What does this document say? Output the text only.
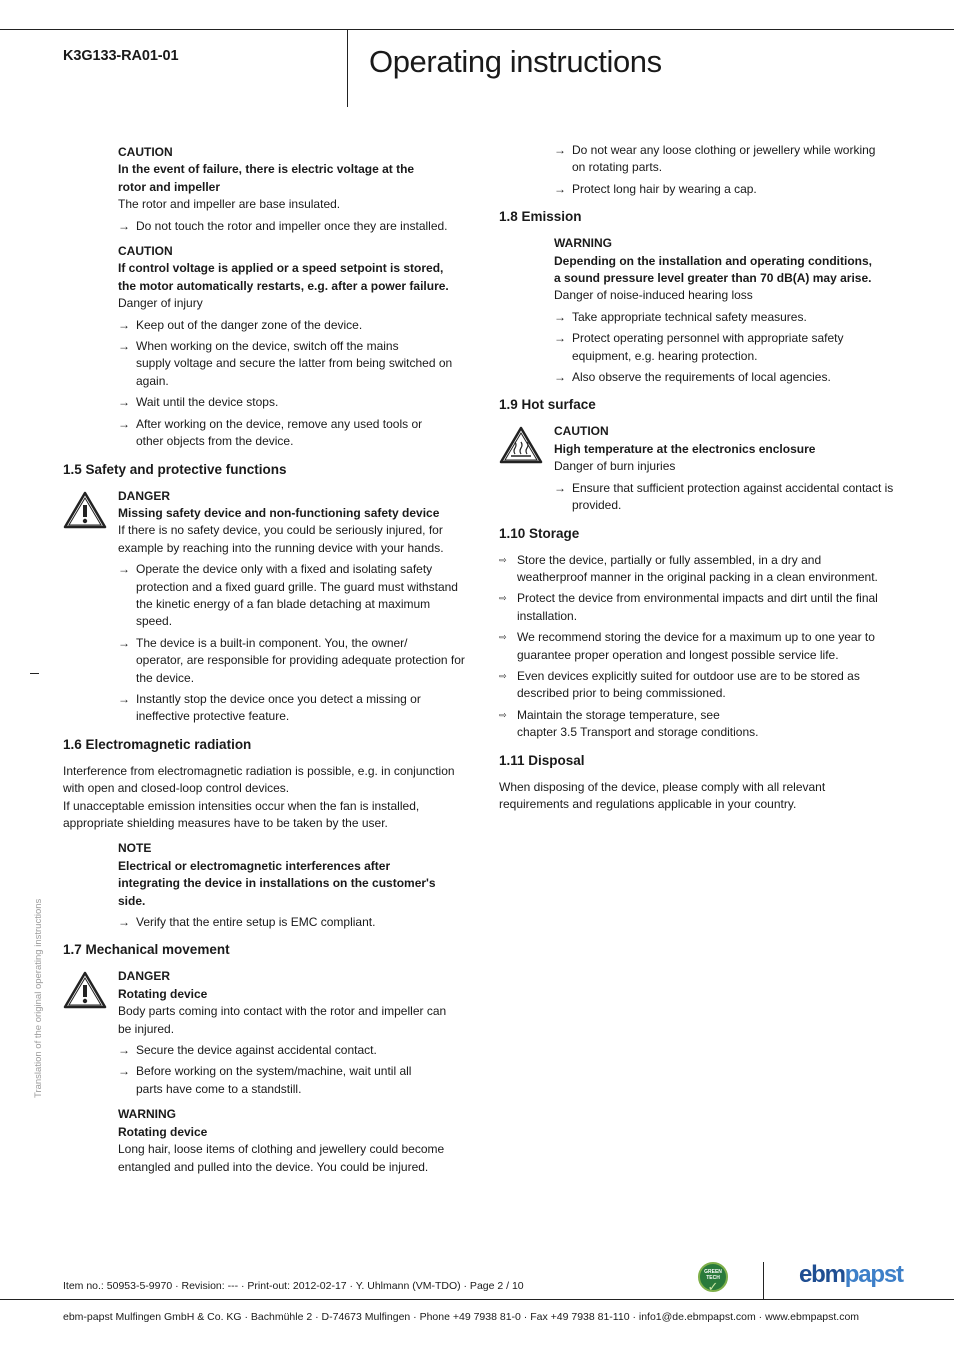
K3G133-RA01-01	Operating instructions
Translation of the original operating instructions
CAUTION
In the event of failure, there is electric voltage at the
rotor and impeller
The rotor and impeller are base insulated.
→ Do not touch the rotor and impeller once they are installed.
CAUTION
If control voltage is applied or a speed setpoint is stored,
the motor automatically restarts, e.g. after a power failure.
Danger of injury
→ Keep out of the danger zone of the device.
→ When working on the device, switch off the mains
supply voltage and secure the latter from being switched on
again.
→ Wait until the device stops.
→ After working on the device, remove any used tools or
other objects from the device.
1.5 Safety and protective functions
DANGER
Missing safety device and non-functioning safety device
If there is no safety device, you could be seriously injured, for
example by reaching into the running device with your hands.
→ Operate the device only with a fixed and isolating safety
protection and a fixed guard grille. The guard must withstand
the kinetic energy of a fan blade detaching at maximum
speed.
→ The device is a built-in component. You, the owner/
operator, are responsible for providing adequate protection for
the device.
→ Instantly stop the device once you detect a missing or
ineffective protective feature.
1.6 Electromagnetic radiation
Interference from electromagnetic radiation is possible, e.g. in conjunction
with open and closed-loop control devices.
If unacceptable emission intensities occur when the fan is installed,
appropriate shielding measures have to be taken by the user.
NOTE
Electrical or electromagnetic interferences after
integrating the device in installations on the customer's
side.
→ Verify that the entire setup is EMC compliant.
1.7 Mechanical movement
DANGER
Rotating device
Body parts coming into contact with the rotor and impeller can
be injured.
→ Secure the device against accidental contact.
→ Before working on the system/machine, wait until all
parts have come to a standstill.
WARNING
Rotating device
Long hair, loose items of clothing and jewellery could become
entangled and pulled into the device. You could be injured.
→ Do not wear any loose clothing or jewellery while working
on rotating parts.
→ Protect long hair by wearing a cap.
1.8 Emission
WARNING
Depending on the installation and operating conditions,
a sound pressure level greater than 70 dB(A) may arise.
Danger of noise-induced hearing loss
→ Take appropriate technical safety measures.
→ Protect operating personnel with appropriate safety
equipment, e.g. hearing protection.
→ Also observe the requirements of local agencies.
1.9 Hot surface
CAUTION
High temperature at the electronics enclosure
Danger of burn injuries
→ Ensure that sufficient protection against accidental contact is
provided.
1.10 Storage
⇨ Store the device, partially or fully assembled, in a dry and
weatherproof manner in the original packing in a clean environment.
⇨ Protect the device from environmental impacts and dirt until the final
installation.
⇨ We recommend storing the device for a maximum up to one year to
guarantee proper operation and longest possible service life.
⇨ Even devices explicitly suited for outdoor use are to be stored as
described prior to being commissioned.
⇨ Maintain the storage temperature, see
chapter 3.5 Transport and storage conditions.
1.11 Disposal
When disposing of the device, please comply with all relevant
requirements and regulations applicable in your country.
Item no.: 50953-5-9970 · Revision: --- · Print-out: 2012-02-17 · Y. Uhlmann (VM-TDO) · Page 2 / 10
GREEN
TECH
✓	ebmpapst
ebm-papst Mulfingen GmbH & Co. KG · Bachmühle 2 · D-74673 Mulfingen · Phone +49 7938 81-0 · Fax +49 7938 81-110 · info1@de.ebmpapst.com · www.ebmpapst.com
